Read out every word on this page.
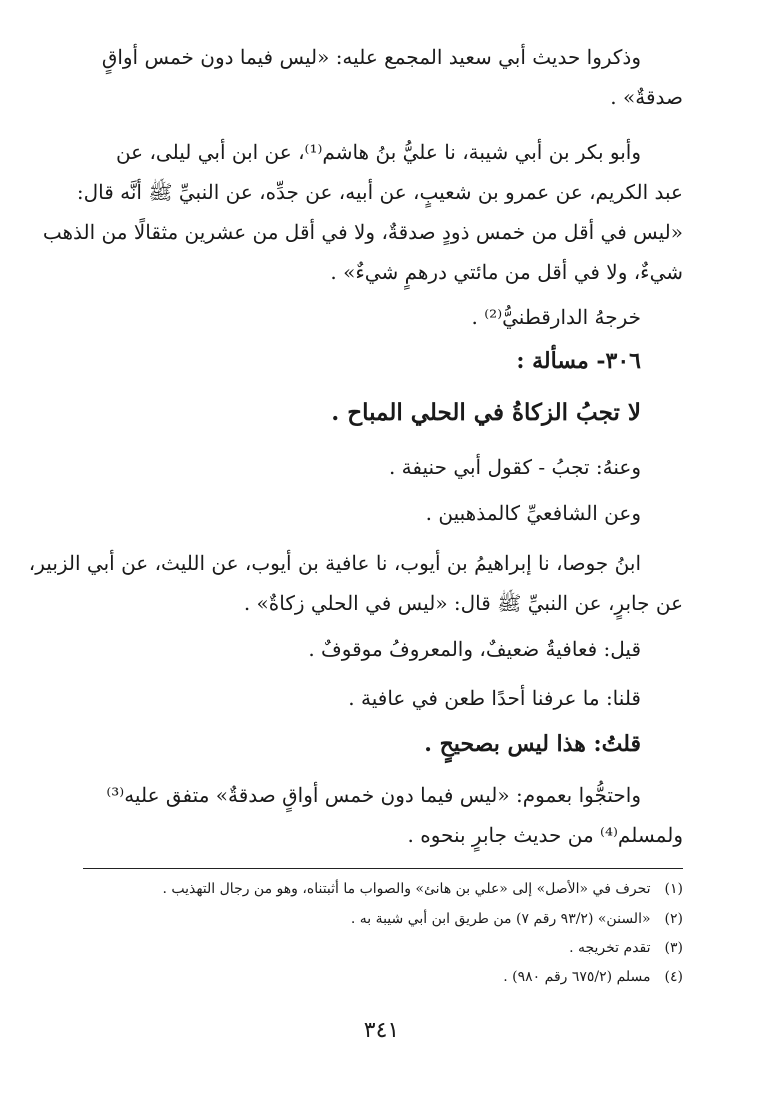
وذكروا حديث أبي سعيد المجمع عليه: «ليس فيما دون خمس أواقٍ
صدقةٌ» .
وأبو بكر بن أبي شيبة، نا عليُّ بنُ هاشم⁽¹⁾، عن ابن أبي ليلى، عن
عبد الكريم، عن عمرو بن شعيبٍ، عن أبيه، عن جدِّه، عن النبيِّ ﷺ أنَّه قال:
«ليس في أقل من خمس ذودٍ صدقةٌ، ولا في أقل من عشرين مثقالًا من الذهب
شيءٌ، ولا في أقل من مائتي درهمٍ شيءٌ» .
خرجهُ الدارقطنيُّ⁽²⁾ .
٣٠٦- مسألة :
لا تجبُ الزكاةُ في الحلي المباح .
وعنهُ: تجبُ - كقول أبي حنيفة .
وعن الشافعيِّ كالمذهبين .
ابنُ جوصا، نا إبراهيمُ بن أيوب، نا عافية بن أيوب، عن الليث، عن أبي الزبير،
عن جابرٍ، عن النبيِّ ﷺ قال: «ليس في الحلي زكاةٌ» .
قيل: فعافيةُ ضعيفٌ، والمعروفُ موقوفٌ .
قلنا: ما عرفنا أحدًا طعن في عافية .
قلتُ: هذا ليس بصحيحٍ .
واحتجُّوا بعموم: «ليس فيما دون خمس أواقٍ صدقةٌ» متفق عليه⁽³⁾
ولمسلم⁽⁴⁾ من حديث جابرٍ بنحوه .
(١)تحرف في «الأصل» إلى «علي بن هانئ» والصواب ما أثبتناه، وهو من رجال التهذيب .
(٢)«السنن» (٩٣/٢ رقم ٧) من طريق ابن أبي شيبة به .
(٣)تقدم تخريجه .
(٤)مسلم (٦٧٥/٢ رقم ٩٨٠) .
٣٤١
